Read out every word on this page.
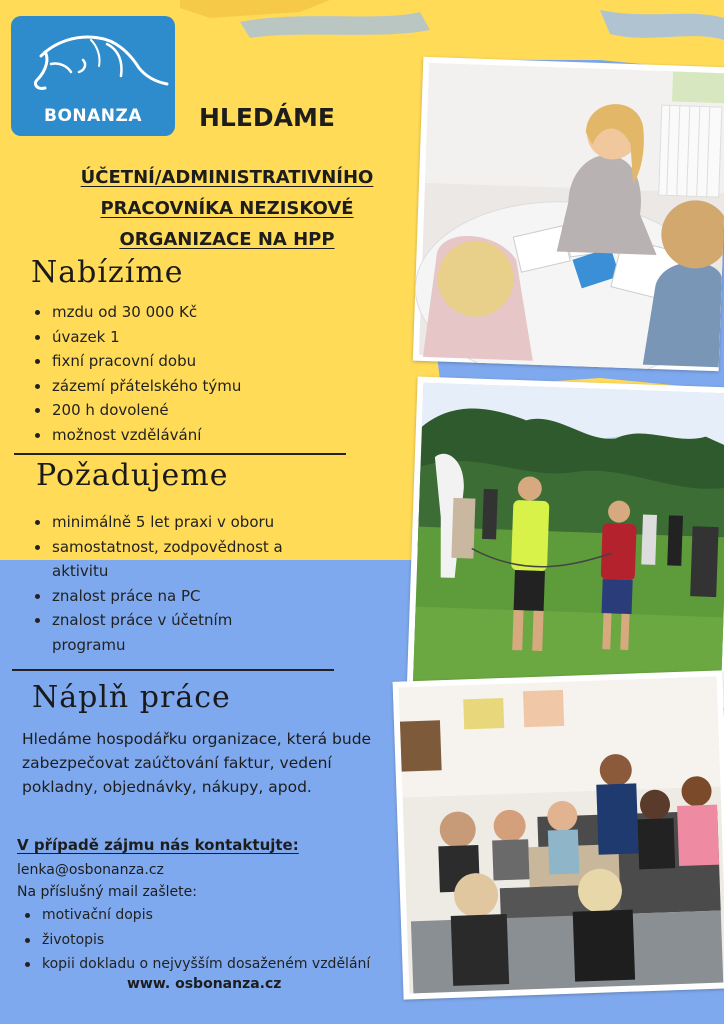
BONANZA	HLEDÁME
ÚČETNÍ/ADMINISTRATIVNÍHO
PRACOVNÍKA NEZISKOVÉ
ORGANIZACE NA HPP
Nabízíme
mzdu od 30 000 Kč
úvazek 1
fixní pracovní dobu
zázemí přátelského týmu
200 h dovolené
možnost vzdělávání
Požadujeme
minimálně 5 let praxi v oboru
samostatnost, zodpovědnost a aktivitu
znalost práce na PC
znalost práce v účetním programu
Náplň práce
Hledáme hospodářku organizace, která bude zabezpečovat zaúčtování faktur, vedení pokladny, objednávky, nákupy, apod.
V případě zájmu nás kontaktujte:
lenka@osbonanza.cz
Na příslušný mail zašlete:
motivační dopis
životopis
kopii dokladu o nejvyšším dosaženém vzdělání
www. osbonanza.cz
